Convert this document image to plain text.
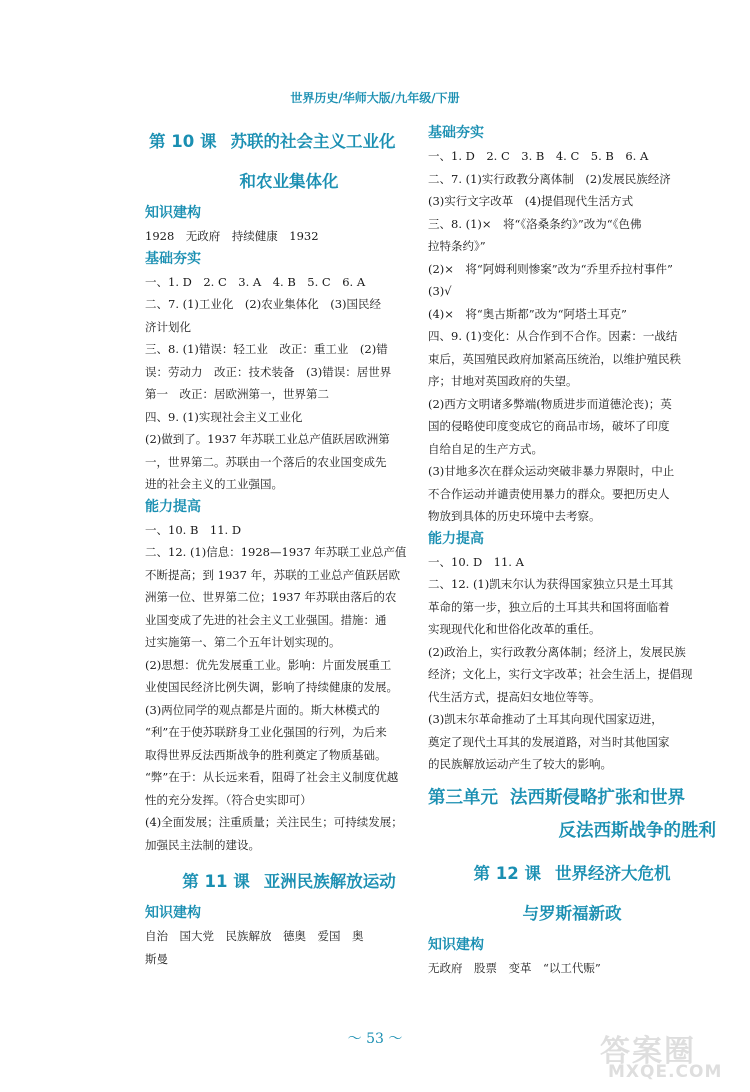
世界历史/华师大版/九年级/下册
第 10 课 苏联的社会主义工业化
和农业集体化
知识建构
1928　无政府　持续健康　1932
基础夯实
一、1. D　2. C　3. A　4. B　5. C　6. A
二、7. (1)工业化　(2)农业集体化　(3)国民经
济计划化
三、8. (1)错误：轻工业　改正：重工业　(2)错
误：劳动力　改正：技术装备　(3)错误：居世界
第一　改正：居欧洲第一，世界第二
四、9. (1)实现社会主义工业化
(2)做到了。1937 年苏联工业总产值跃居欧洲第
一，世界第二。苏联由一个落后的农业国变成先
进的社会主义的工业强国。
能力提高
一、10. B　11. D
二、12. (1)信息：1928—1937 年苏联工业总产值
不断提高；到 1937 年，苏联的工业总产值跃居欧
洲第一位、世界第二位；1937 年苏联由落后的农
业国变成了先进的社会主义工业强国。措施：通
过实施第一、第二个五年计划实现的。
(2)思想：优先发展重工业。影响：片面发展重工
业使国民经济比例失调，影响了持续健康的发展。
(3)两位同学的观点都是片面的。斯大林模式的
“利”在于使苏联跻身工业化强国的行列，为后来
取得世界反法西斯战争的胜利奠定了物质基础。
“弊”在于：从长远来看，阻碍了社会主义制度优越
性的充分发挥。（符合史实即可）
(4)全面发展；注重质量；关注民生；可持续发展；
加强民主法制的建设。
第 11 课 亚洲民族解放运动
知识建构
自治　国大党　民族解放　德奥　爱国　奥
斯曼
基础夯实
一、1. D　2. C　3. B　4. C　5. B　6. A
二、7. (1)实行政教分离体制　(2)发展民族经济
(3)实行文字改革　(4)提倡现代生活方式
三、8. (1)×　将“《洛桑条约》”改为“《色佛
拉特条约》”
(2)×　将“阿姆利则惨案”改为“乔里乔拉村事件”
(3)√
(4)×　将“奥古斯都”改为“阿塔土耳克”
四、9. (1)变化：从合作到不合作。因素：一战结
束后，英国殖民政府加紧高压统治，以维护殖民秩
序；甘地对英国政府的失望。
(2)西方文明诸多弊端(物质进步而道德沦丧)；英
国的侵略使印度变成它的商品市场，破坏了印度
自给自足的生产方式。
(3)甘地多次在群众运动突破非暴力界限时，中止
不合作运动并谴责使用暴力的群众。要把历史人
物放到具体的历史环境中去考察。
能力提高
一、10. D　11. A
二、12. (1)凯末尔认为获得国家独立只是土耳其
革命的第一步，独立后的土耳其共和国将面临着
实现现代化和世俗化改革的重任。
(2)政治上，实行政教分离体制；经济上，发展民族
经济；文化上，实行文字改革；社会生活上，提倡现
代生活方式，提高妇女地位等等。
(3)凯末尔革命推动了土耳其向现代国家迈进，
奠定了现代土耳其的发展道路，对当时其他国家
的民族解放运动产生了较大的影响。
第三单元 法西斯侵略扩张和世界
反法西斯战争的胜利
第 12 课 世界经济大危机
与罗斯福新政
知识建构
无政府　股票　变革　“以工代赈”
～ 53 ～	答案圈
MXQE.COM
